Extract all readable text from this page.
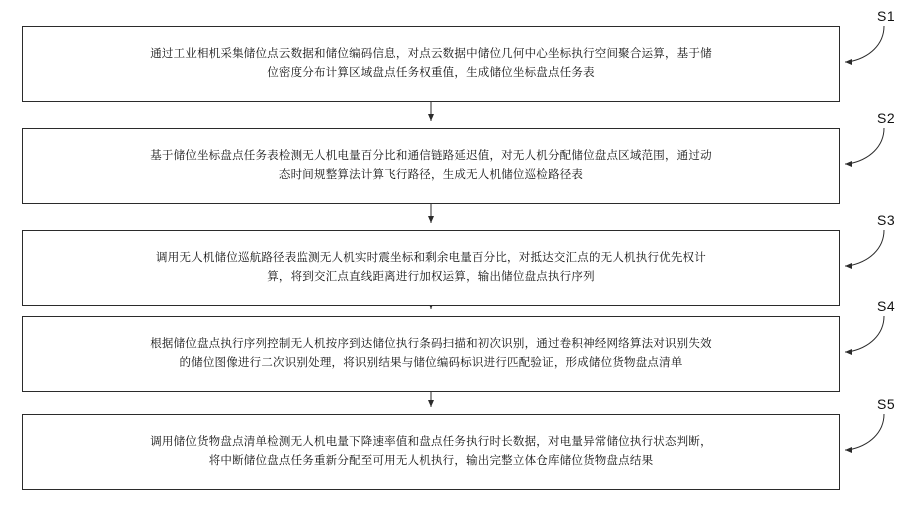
通过工业相机采集储位点云数据和储位编码信息，对点云数据中储位几何中心坐标执行空间聚合运算，基于储
位密度分布计算区域盘点任务权重值，生成储位坐标盘点任务表
S1
基于储位坐标盘点任务表检测无人机电量百分比和通信链路延迟值，对无人机分配储位盘点区域范围，通过动
态时间规整算法计算飞行路径，生成无人机储位巡检路径表
S2
调用无人机储位巡航路径表监测无人机实时震坐标和剩余电量百分比，对抵达交汇点的无人机执行优先权计
算，将到交汇点直线距离进行加权运算，输出储位盘点执行序列
S3
根据储位盘点执行序列控制无人机按序到达储位执行条码扫描和初次识别，通过卷积神经网络算法对识别失效
的储位图像进行二次识别处理，将识别结果与储位编码标识进行匹配验证，形成储位货物盘点清单
S4
调用储位货物盘点清单检测无人机电量下降速率值和盘点任务执行时长数据，对电量异常储位执行状态判断，
将中断储位盘点任务重新分配至可用无人机执行，输出完整立体仓库储位货物盘点结果
S5
